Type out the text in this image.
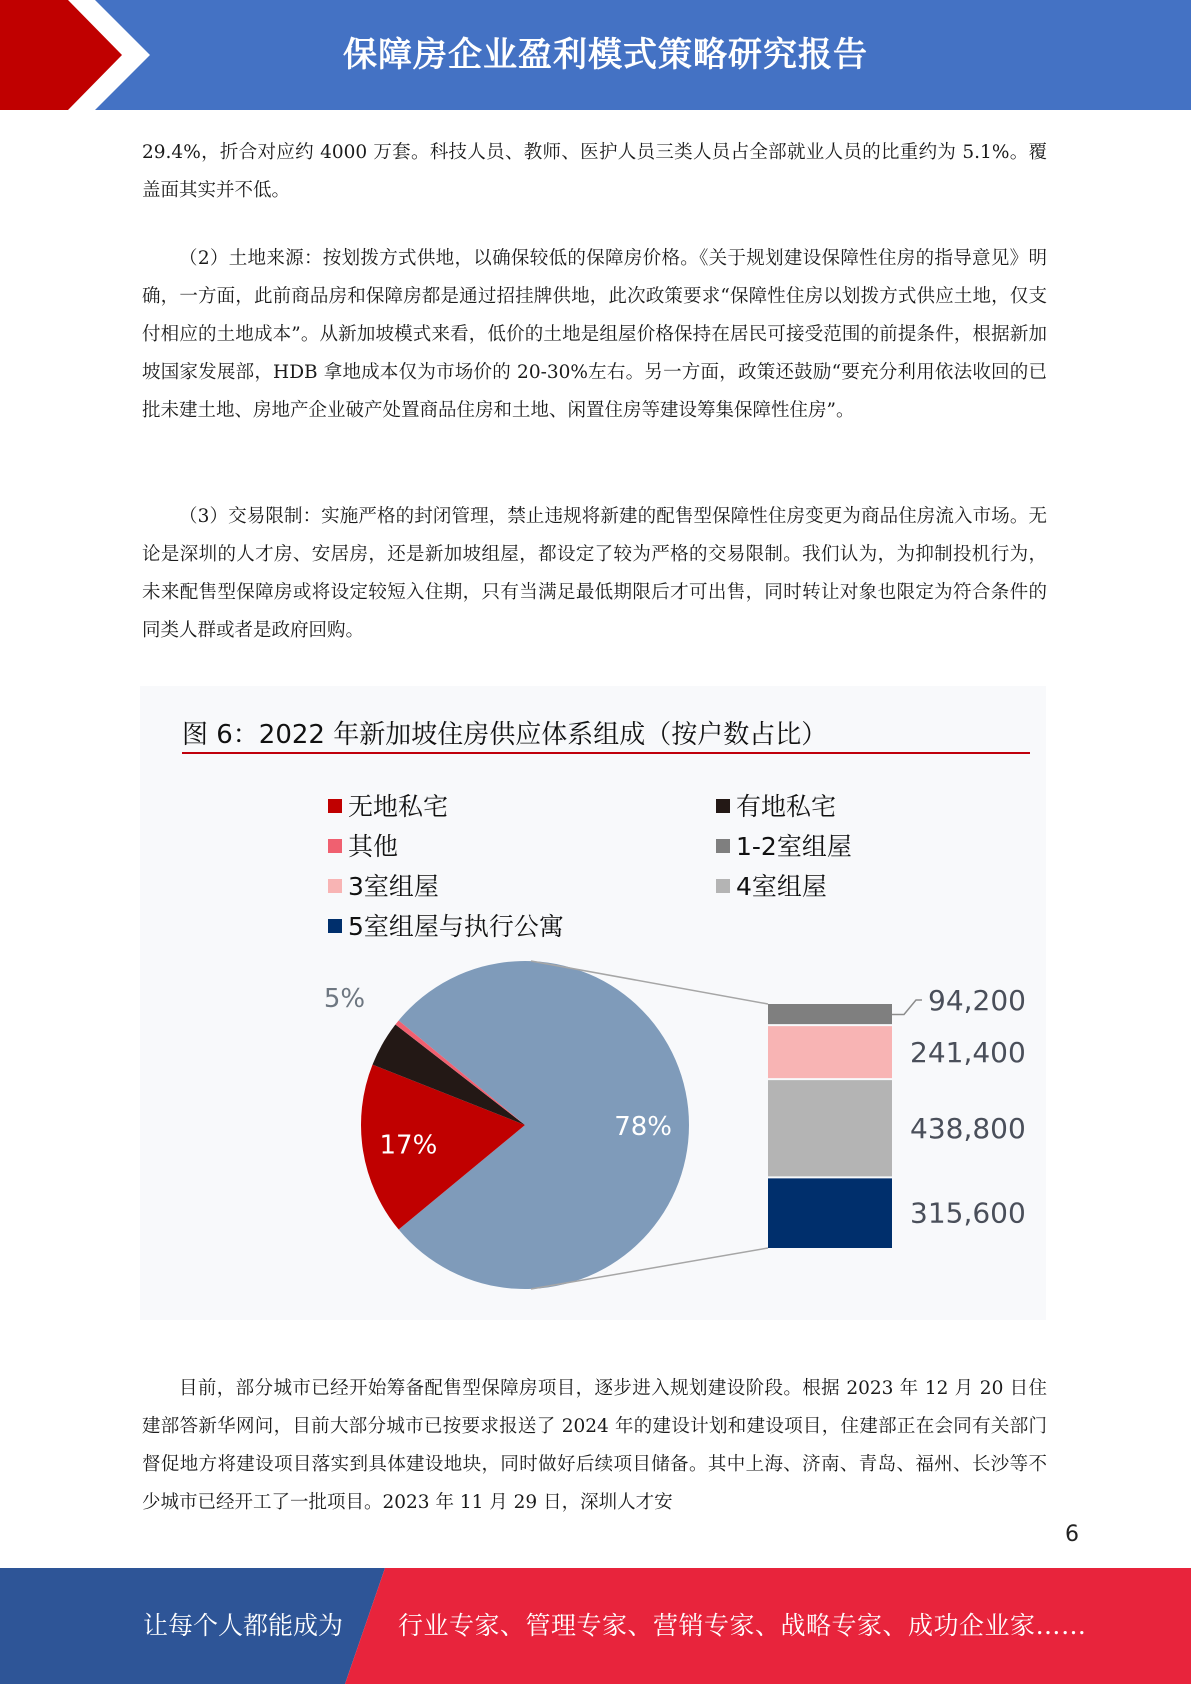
保障房企业盈利模式策略研究报告

29.4%，折合对应约 4000 万套。科技人员、教师、医护人员三类人员占全部就业人员的比重约为 5.1%。覆盖面其实并不低。

（2）土地来源：按划拨方式供地，以确保较低的保障房价格。《关于规划建设保障性住房的指导意见》明确，一方面，此前商品房和保障房都是通过招挂牌供地，此次政策要求“保障性住房以划拨方式供应土地，仅支付相应的土地成本”。从新加坡模式来看，低价的土地是组屋价格保持在居民可接受范围的前提条件，根据新加坡国家发展部，HDB 拿地成本仅为市场价的 20-30%左右。另一方面，政策还鼓励“要充分利用依法收回的已批未建土地、房地产企业破产处置商品住房和土地、闲置住房等建设筹集保障性住房”。

（3）交易限制：实施严格的封闭管理，禁止违规将新建的配售型保障性住房变更为商品住房流入市场。无论是深圳的人才房、安居房，还是新加坡组屋，都设定了较为严格的交易限制。我们认为，为抑制投机行为，未来配售型保障房或将设定较短入住期，只有当满足最低期限后才可出售，同时转让对象也限定为符合条件的同类人群或者是政府回购。

图 6：2022 年新加坡住房供应体系组成（按户数占比）
无地私宅	有地私宅
其他	1-2室组屋
3室组屋	4室组屋
5室组屋与执行公寓
78%
17%
5%
315,600
438,800
241,400
94,200

目前，部分城市已经开始筹备配售型保障房项目，逐步进入规划建设阶段。根据 2023 年 12 月 20 日住建部答新华网问，目前大部分城市已按要求报送了 2024 年的建设计划和建设项目，住建部正在会同有关部门督促地方将建设项目落实到具体建设地块，同时做好后续项目储备。其中上海、济南、青岛、福州、长沙等不少城市已经开工了一批项目。2023 年 11 月 29 日，深圳人才安

6
让每个人都能成为 行业专家、管理专家、营销专家、战略专家、成功企业家……
